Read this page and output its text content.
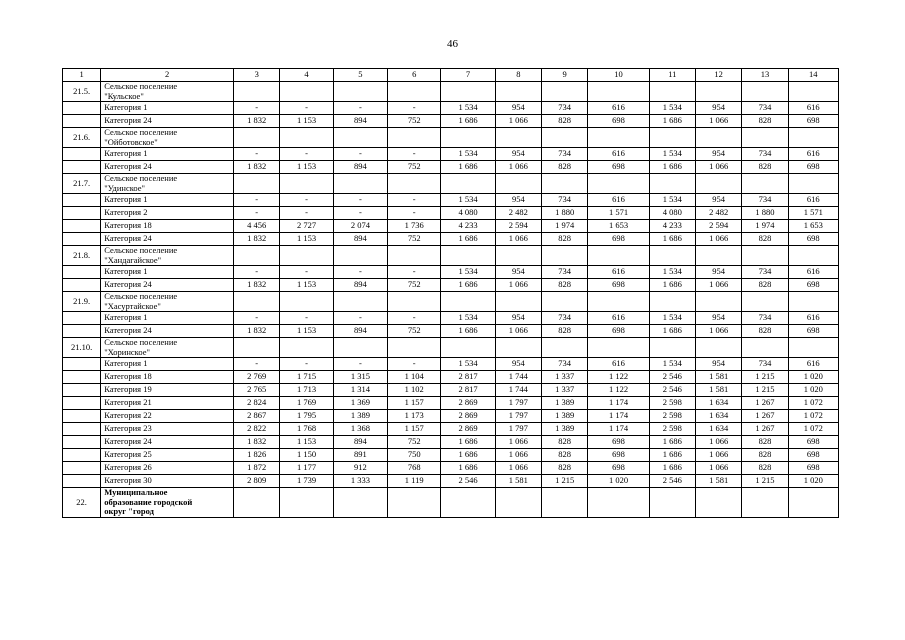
46
1	2	3	4	5	6	7	8	9	10	11	12	13	14
21.5.	Сельское поселение
"Кульское"												

	Категория 1	-	-	-	-	1 534	954	734	616	1 534	954	734	616
	Категория 24	1 832	1 153	894	752	1 686	1 066	828	698	1 686	1 066	828	698
21.6.	Сельское поселение
"Ойботовское"												

	Категория 1	-	-	-	-	1 534	954	734	616	1 534	954	734	616
	Категория 24	1 832	1 153	894	752	1 686	1 066	828	698	1 686	1 066	828	698
21.7.	Сельское поселение
"Удинское"												

	Категория 1	-	-	-	-	1 534	954	734	616	1 534	954	734	616
	Категория 2	-	-	-	-	4 080	2 482	1 880	1 571	4 080	2 482	1 880	1 571
	Категория 18	4 456	2 727	2 074	1 736	4 233	2 594	1 974	1 653	4 233	2 594	1 974	1 653
	Категория 24	1 832	1 153	894	752	1 686	1 066	828	698	1 686	1 066	828	698
21.8.	Сельское поселение
"Хандагайское"												

	Категория 1	-	-	-	-	1 534	954	734	616	1 534	954	734	616
	Категория 24	1 832	1 153	894	752	1 686	1 066	828	698	1 686	1 066	828	698
21.9.	Сельское поселение
"Хасуртайское"												

	Категория 1	-	-	-	-	1 534	954	734	616	1 534	954	734	616
	Категория 24	1 832	1 153	894	752	1 686	1 066	828	698	1 686	1 066	828	698
21.10.	Сельское поселение
"Хоринское"												

	Категория 1	-	-	-	-	1 534	954	734	616	1 534	954	734	616
	Категория 18	2 769	1 715	1 315	1 104	2 817	1 744	1 337	1 122	2 546	1 581	1 215	1 020
	Категория 19	2 765	1 713	1 314	1 102	2 817	1 744	1 337	1 122	2 546	1 581	1 215	1 020
	Категория 21	2 824	1 769	1 369	1 157	2 869	1 797	1 389	1 174	2 598	1 634	1 267	1 072
	Категория 22	2 867	1 795	1 389	1 173	2 869	1 797	1 389	1 174	2 598	1 634	1 267	1 072
	Категория 23	2 822	1 768	1 368	1 157	2 869	1 797	1 389	1 174	2 598	1 634	1 267	1 072
	Категория 24	1 832	1 153	894	752	1 686	1 066	828	698	1 686	1 066	828	698
	Категория 25	1 826	1 150	891	750	1 686	1 066	828	698	1 686	1 066	828	698
	Категория 26	1 872	1 177	912	768	1 686	1 066	828	698	1 686	1 066	828	698
	Категория 30	2 809	1 739	1 333	1 119	2 546	1 581	1 215	1 020	2 546	1 581	1 215	1 020
22.	Муниципальное
образование городской
округ "город												
